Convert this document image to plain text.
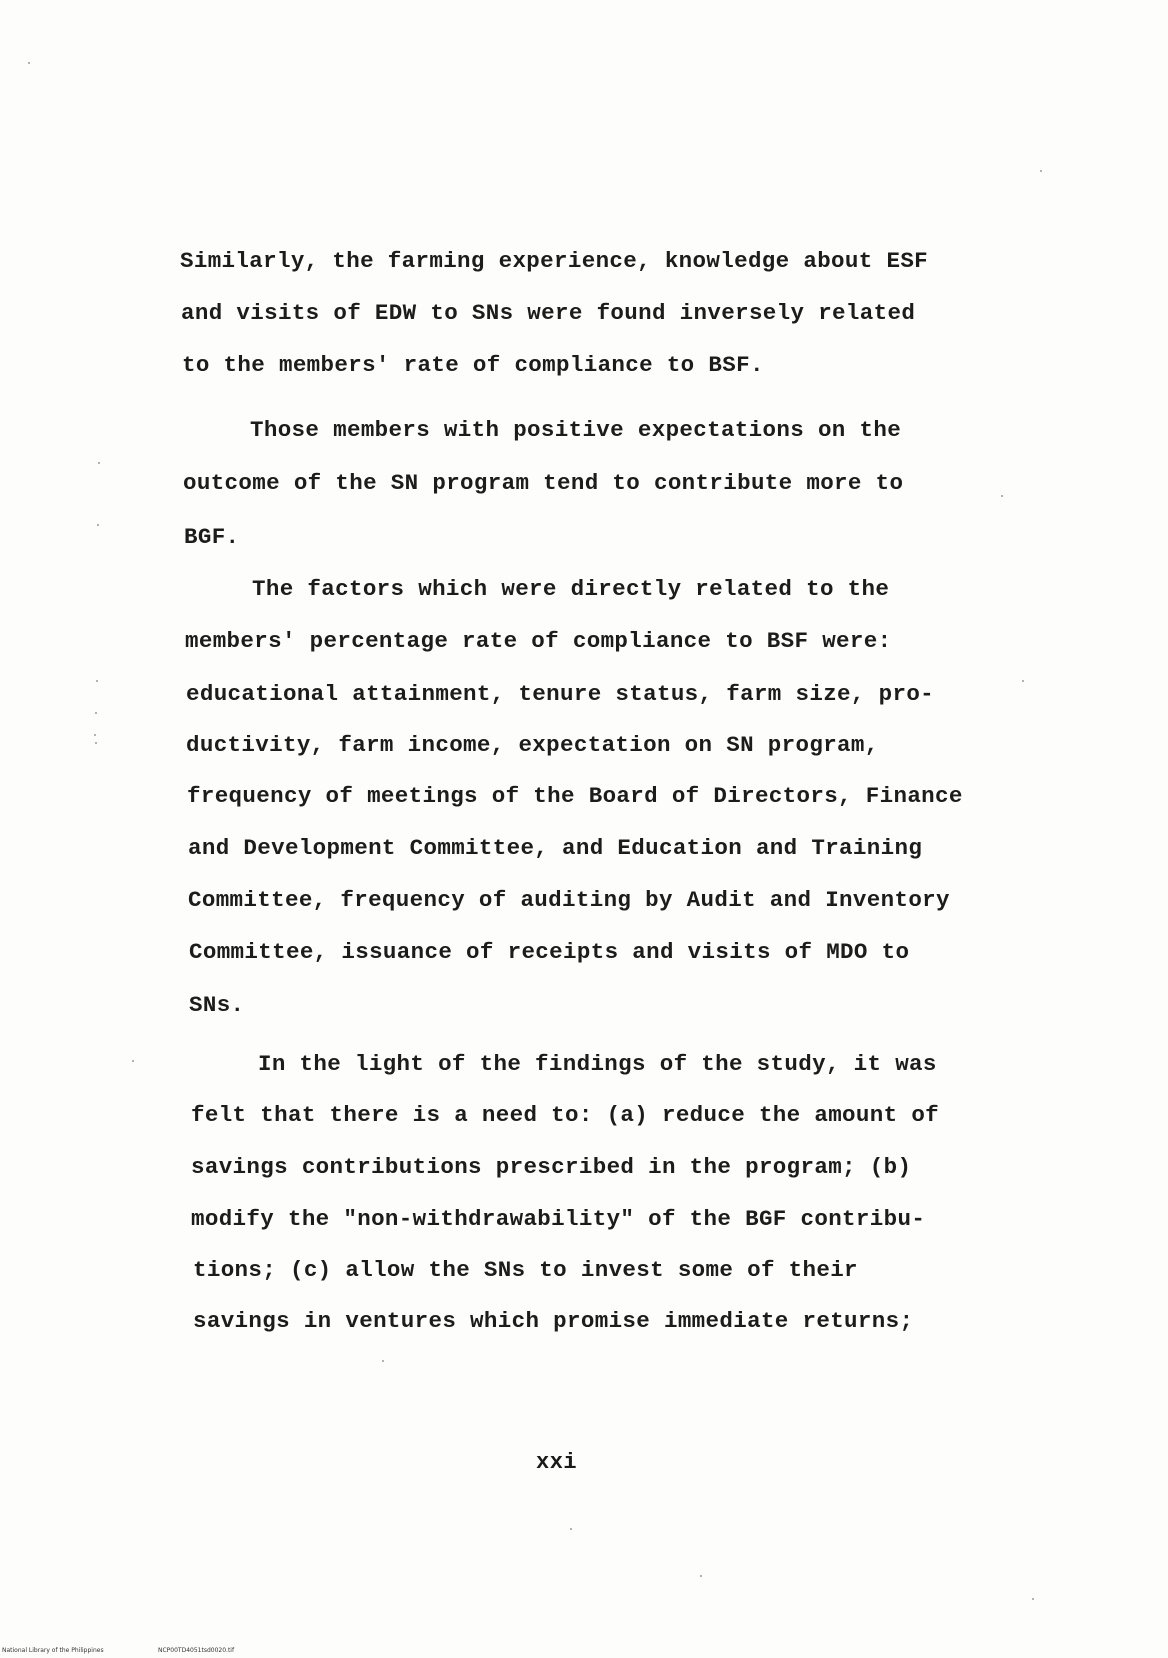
Similarly, the farming experience, knowledge about ESF
and visits of EDW to SNs were found inversely related
to the members' rate of compliance to BSF.
Those members with positive expectations on the
outcome of the SN program tend to contribute more to
BGF.
The factors which were directly related to the
members' percentage rate of compliance to BSF were:
educational attainment, tenure status, farm size, pro-
ductivity, farm income, expectation on SN program,
frequency of meetings of the Board of Directors, Finance
and Development Committee, and Education and Training
Committee, frequency of auditing by Audit and Inventory
Committee, issuance of receipts and visits of MDO to
SNs.
In the light of the findings of the study, it was
felt that there is a need to: (a) reduce the amount of
savings contributions prescribed in the program; (b)
modify the "non-withdrawability" of the BGF contribu-
tions; (c) allow the SNs to invest some of their
savings in ventures which promise immediate returns;
xxi
National Library of the Philippines	NCP00TD4051tsd0020.tif
